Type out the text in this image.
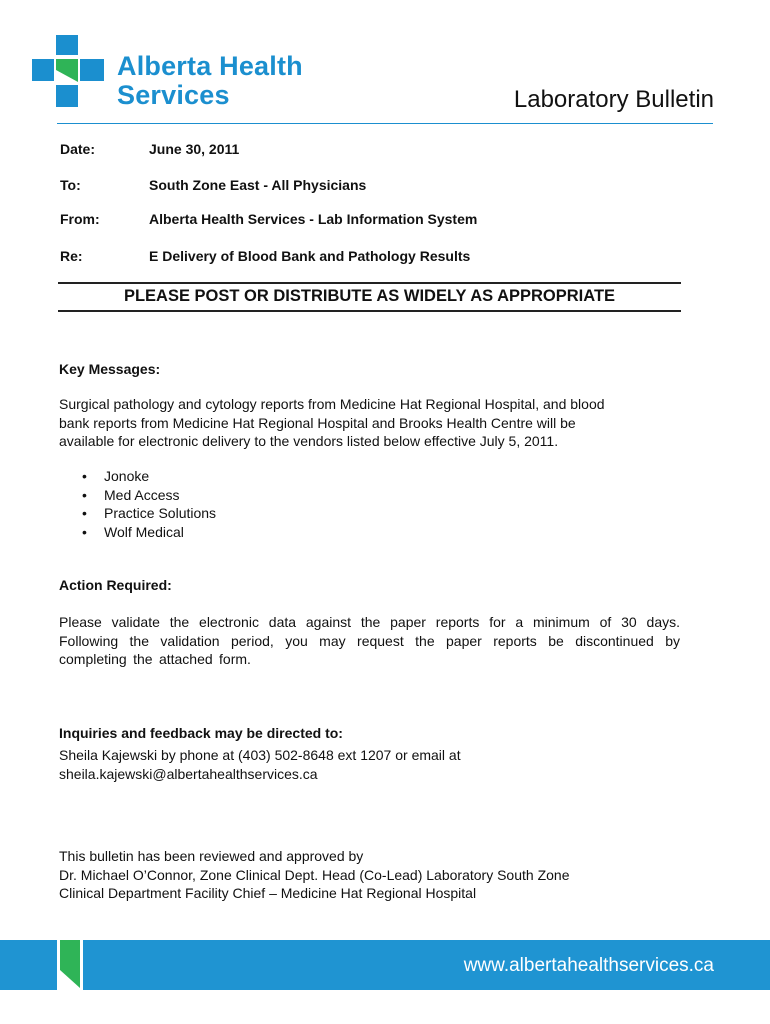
Alberta Health
Services	Laboratory Bulletin
Date:	June 30, 2011
To:	South Zone East - All Physicians
From:	Alberta Health Services - Lab Information System
Re:	E Delivery of Blood Bank and Pathology Results
PLEASE POST OR DISTRIBUTE AS WIDELY AS APPROPRIATE
Key Messages:
Surgical pathology and cytology reports from Medicine Hat Regional Hospital, and blood
bank reports from Medicine Hat Regional Hospital and Brooks Health Centre will be
available for electronic delivery to the vendors listed below effective July 5, 2011.
• Jonoke
• Med Access
• Practice Solutions
• Wolf Medical
Action Required:
Please validate the electronic data against the paper reports for a minimum of 30 days. Following the validation period, you may request the paper reports be discontinued by completing the attached form.
Inquiries and feedback may be directed to:
Sheila Kajewski by phone at (403) 502-8648 ext 1207 or email at
sheila.kajewski@albertahealthservices.ca
This bulletin has been reviewed and approved by
Dr. Michael O’Connor, Zone Clinical Dept. Head (Co-Lead) Laboratory South Zone
Clinical Department Facility Chief – Medicine Hat Regional Hospital
www.albertahealthservices.ca
